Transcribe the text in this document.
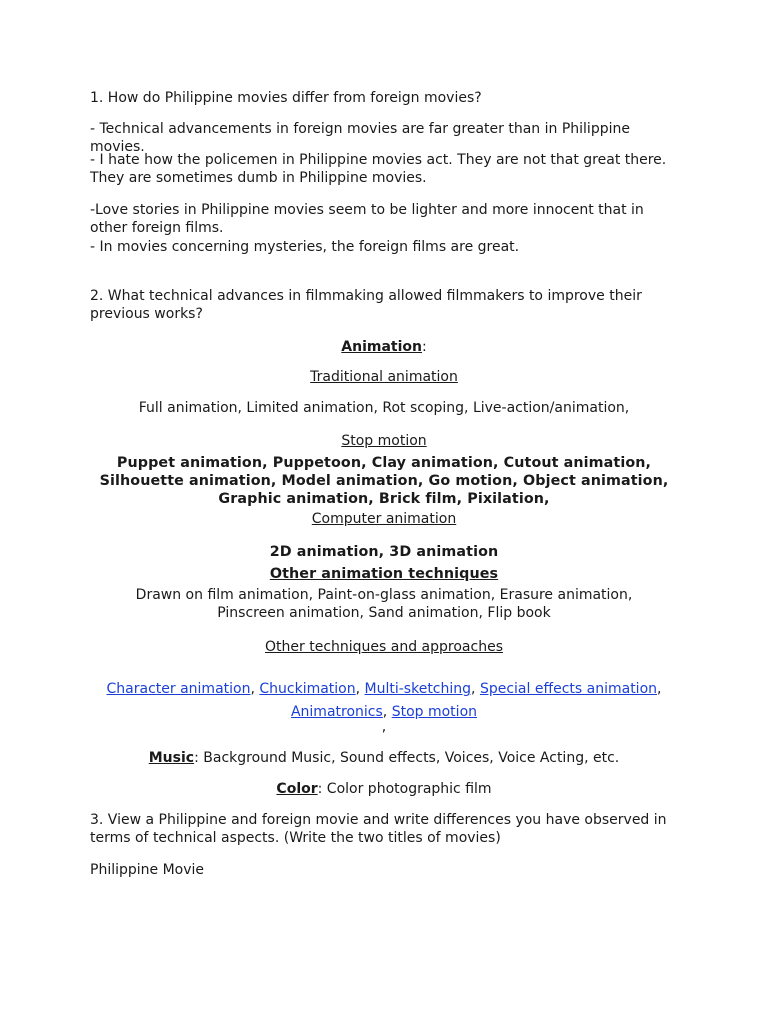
1. How do Philippine movies differ from foreign movies?

- Technical advancements in foreign movies are far greater than in Philippine movies.

- I hate how the policemen in Philippine movies act. They are not that great there. They are sometimes dumb in Philippine movies.

-Love stories in Philippine movies seem to be lighter and more innocent that in other foreign films.

- In movies concerning mysteries, the foreign films are great.

2. What technical advances in filmmaking allowed filmmakers to improve their previous works?

Animation:

Traditional animation

Full animation, Limited animation, Rot scoping, Live-action/animation,

Stop motion

Puppet animation, Puppetoon, Clay animation, Cutout animation, Silhouette animation, Model animation, Go motion, Object animation, Graphic animation, Brick film, Pixilation,

Computer animation

2D animation, 3D animation

Other animation techniques

Drawn on film animation, Paint-on-glass animation, Erasure animation, Pinscreen animation, Sand animation, Flip book

Other techniques and approaches

Character animation, Chuckimation, Multi-sketching, Special effects animation, Animatronics, Stop motion

,

Music: Background Music, Sound effects, Voices, Voice Acting, etc.

Color: Color photographic film

3. View a Philippine and foreign movie and write differences you have observed in terms of technical aspects. (Write the two titles of movies)

Philippine Movie
